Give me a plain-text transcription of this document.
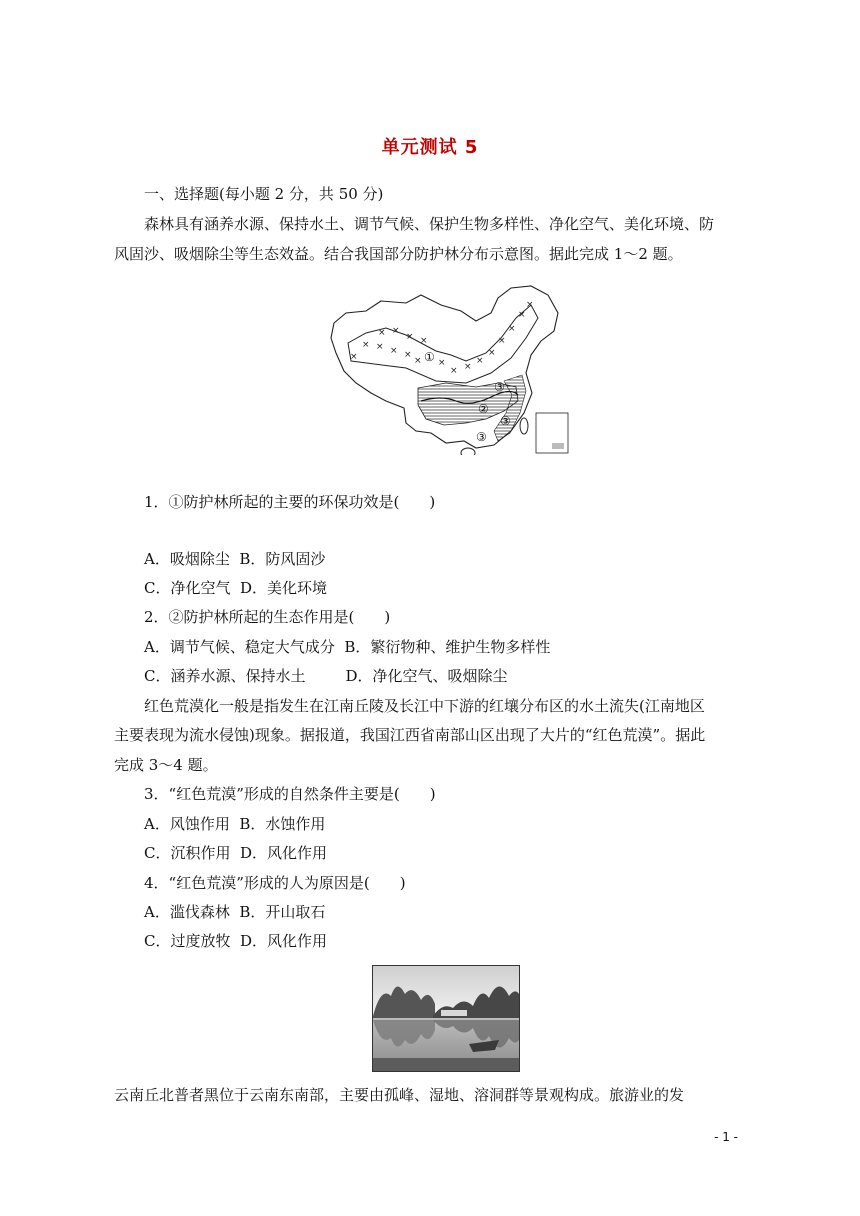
单元测试 5
一、选择题(每小题 2 分，共 50 分)
森林具有涵养水源、保持水土、调节气候、保护生物多样性、净化空气、美化环境、防
风固沙、吸烟除尘等生态效益。结合我国部分防护林分布示意图。据此完成 1～2 题。
× ×
× ×
× × × ×
×	× ×
× ×
×
×
×
×
×
×
①
②
③
③
③
1．①防护林所起的主要的环保功效是(　　)
A．吸烟除尘 B．防风固沙
C．净化空气 D．美化环境
2．②防护林所起的生态作用是(　　)
A．调节气候、稳定大气成分 B．繁衍物种、维护生物多样性
C．涵养水源、保持水土	D．净化空气、吸烟除尘
红色荒漠化一般是指发生在江南丘陵及长江中下游的红壤分布区的水土流失(江南地区
主要表现为流水侵蚀)现象。据报道，我国江西省南部山区出现了大片的“红色荒漠”。据此
完成 3～4 题。
3．“红色荒漠”形成的自然条件主要是(　　)
A．风蚀作用 B．水蚀作用
C．沉积作用 D．风化作用
4．“红色荒漠”形成的人为原因是(　　)
A．滥伐森林 B．开山取石
C．过度放牧 D．风化作用
云南丘北普者黑位于云南东南部，主要由孤峰、湿地、溶洞群等景观构成。旅游业的发
- 1 -
